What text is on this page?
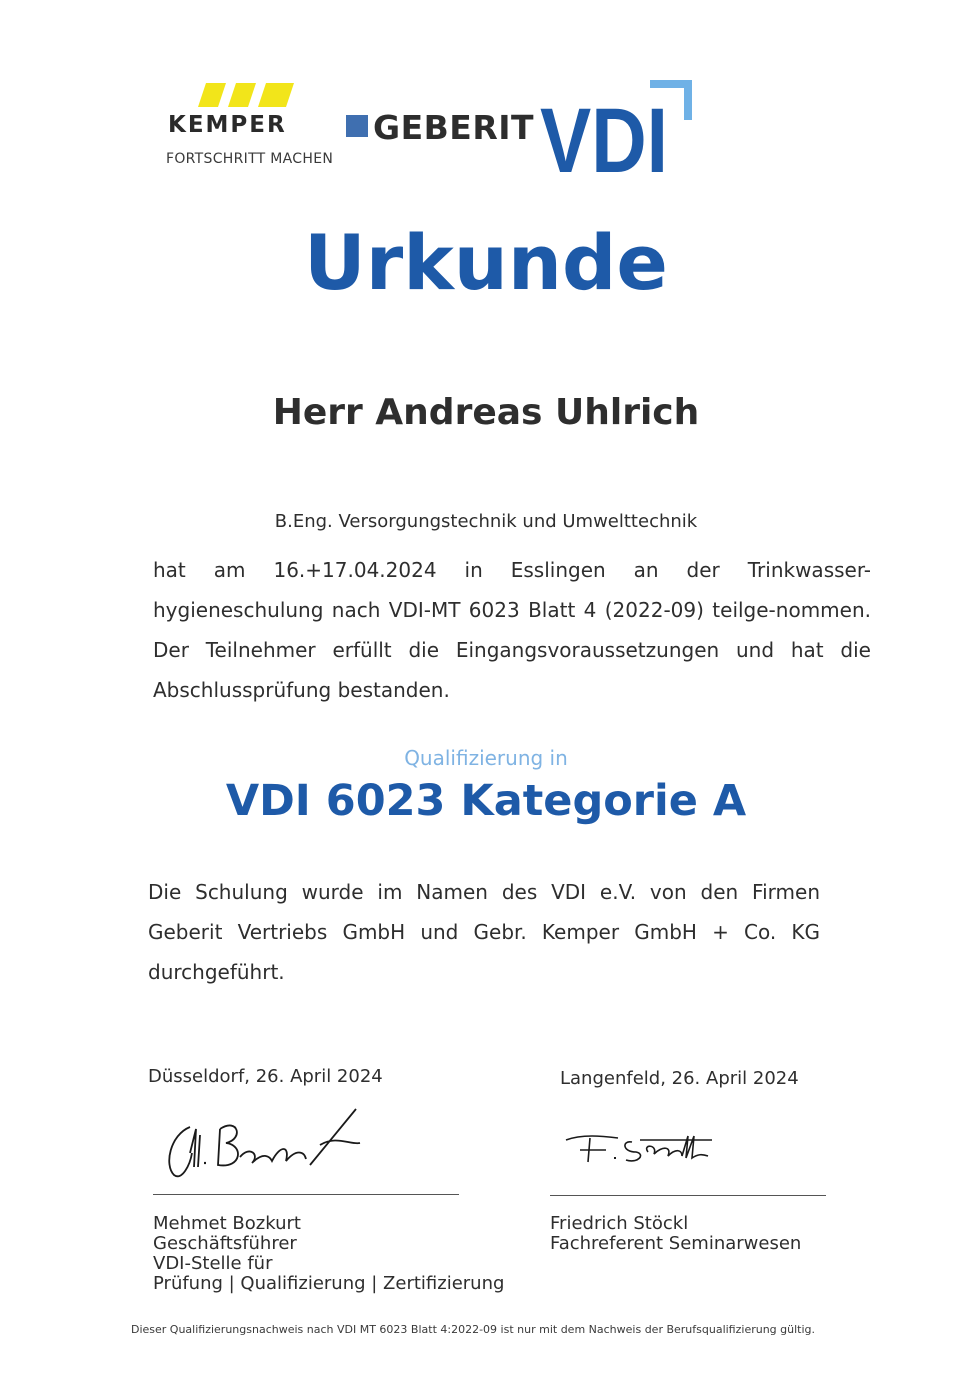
KEMPER
FORTSCHRITT MACHEN
GEBERIT VDI
Urkunde
Herr Andreas Uhlrich
B.Eng. Versorgungstechnik und Umwelttechnik
hat am 16.+17.04.2024 in Esslingen an der Trinkwasser-hygieneschulung nach VDI-MT 6023 Blatt 4 (2022-09) teilge-nommen. Der Teilnehmer erfüllt die Eingangsvoraussetzungen und hat die Abschlussprüfung bestanden.
Qualifizierung in
VDI 6023 Kategorie A
Die Schulung wurde im Namen des VDI e.V. von den Firmen Geberit Vertriebs GmbH und Gebr. Kemper GmbH + Co. KG durchgeführt.
Düsseldorf, 26. April 2024	Langenfeld, 26. April 2024
Mehmet Bozkurt
Geschäftsführer
VDI-Stelle für
Prüfung | Qualifizierung | Zertifizierung
Friedrich Stöckl
Fachreferent Seminarwesen
Dieser Qualifizierungsnachweis nach VDI MT 6023 Blatt 4:2022-09 ist nur mit dem Nachweis der Berufsqualifizierung gültig.
